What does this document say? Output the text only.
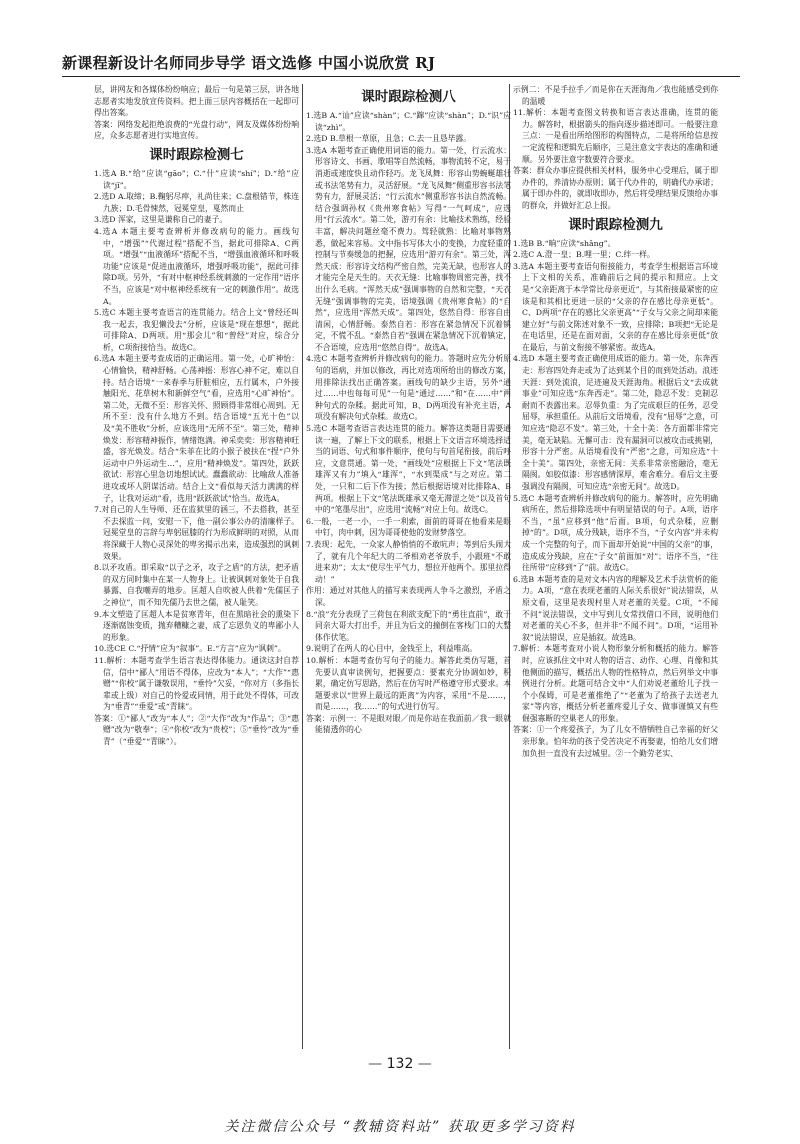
新课程新设计名师同步导学 语文选修 中国小说欣赏 RJ

层，讲网友和各媒体纷纷响应；最后一句是第三层，讲各地志愿者实地发放宣传资料。把上面三层内容概括在一起即可得出答案。

答案：网络发起拒绝浪费的“光盘行动”，网友及媒体纷纷响应，众多志愿者进行实地宣传。

课时跟踪检测七

1.选A B.“给”应读“gāo”；C.“什”应读“shí”；D.“给”应读“jǐ”。

2.选D A.取缔；B.鞠躬尽瘁，礼尚往来；C.盘根错节，株连九族；D.毛骨悚然，冠冕堂皇，戛然而止

3.选D 浑家，这里是谦称自己的妻子。

4.选A 本题主要考查辨析并修改病句的能力。画线句中，“增强”“代谢过程”搭配不当，据此可排除A、C两项。“增强”“血液循环”搭配不当，“增强血液循环和呼吸功能”应该是“促进血液循环，增强呼吸功能”，据此可排除D项。另外，“有对中枢神经系统刺激的一定作用”语序不当，应该是“对中枢神经系统有一定的刺激作用”。故选A。

5.选C 本题主要考查语言的连贯能力。结合上文“曾经还叫我一起去，我犯懒没去”分析，应该是“现在想想”，据此可排除A、D两项。用“那会儿”和“曾经”对应，综合分析，C项衔接恰当。故选C。

6.选A 本题主要考查成语的正确运用。第一处，心旷神怡：心情愉快，精神舒畅。心荡神摇：形容心神不定，难以自持。结合语境“一来春季与肝脏相应，五行属木，户外接触阳光、花草树木和新鲜空气”看，应选用“心旷神怡”。第二处，无微不至：形容关怀、照顾得非常细心周到。无所不至：没有什么地方不到。结合语境“五光十色”以及“美不胜收”分析，应该选用“无所不至”。第三处，精神焕发：形容精神振作，情绪饱满。神采奕奕：形容精神旺盛，容光焕发。结合“朱菲在比的小猴子被扶在“捏“户外运动中户外运动生…”，应用“精神焕发”。第四处，跃跃欲试：形容心里急切地想试试。蠢蠢欲动：比喻敌人准备进攻或坏人阴谋活动。结合上文“看似每天活力满满的样子，让我对运动”看，选用“跃跃欲试”恰当。故选A。

7.对自己的人生导师、还在监狱里的涵三，不去搭救，甚至不去探监一问，安慰一下，他一副公事公办的清廉样子。冠冕堂皇的言辞与卑躬屈膝的行为形成鲜明的对照，从而将深藏于人物心灵深处的卑劣揭示出来，造成强烈的讽刺效果。

8.以矛攻盾。即采取“以子之矛，攻子之盾”的方法，把矛盾的双方同时集中在某一人物身上。让被讽刺对象处于自我暴露、自我嘲弄的地步。匡超人自吹被人供着“先儒匡子之神位”，而不知先儒乃去世之儒，被人耻笑。

9.本文塑造了匡超人本是贫寒青年，但在黑暗社会的熏染下逐渐腐蚀变质，抛弃糟糠之妻，成了忘恩负义的卑鄙小人的形象。

10.选CE C.“抒情”应为“叙事”。E.“方言”应为“讽刺”。

11.解析：本题考查学生语言表达得体能力。通读这封自荐信，信中“鄙人”用语不得体，应改为“本人”；“大作”“惠赠”“你校”属于谦敬误用，“垂怜”欠妥，“你对方（多指长辈或上级）对自己的怜爱或同情，用于此处不得体，可改为“垂青”“垂爱”或“青睐”。

答案：①“鄙人”改为“本人”；②“大作”改为“作品”；③“惠赠”改为“敬奉”；④“你校”改为“贵校”；⑤“垂怜”改为“垂青”（“垂爱”“青睐”）。

课时跟踪检测八

1.选B A.“讪”应读“shàn”；C.“蹿”应读“shàn”；D.“识”应读“zhì”。

2.选D B.草根一草原，且急；C.去一且恳毕露。

3.选A 本题考查正确使用词语的能力。第一处，行云流水：形容诗文、书画、歌唱等自然流畅，事物流转不定，易于消逝或速度快且动作轻巧。龙飞凤舞：形容山势蜿蜒雄壮或书法笔势有力，灵活舒展。“龙飞凤舞”侧重形容书法笔势有力，舒展灵活；“行云流水”侧重形容书法自然流畅。结合强调孙权《贵州寒食帖》写得“一气呵成”，应选用“行云流水”。第二处，游刃有余：比喻技术熟练，经验丰富，解决问题丝毫不费力。驾轻就熟：比喻对事物熟悉，做起来容易。文中指书写体大小的变换，力度轻重的控制与节奏缓急的把握，应选用“游刃有余”。第三处，浑然天成：形容诗文结构严密自然，完美无缺，也形容人的才能完全是天生的。天衣无缝：比喻事物周密完善，找不出什么毛病。“浑然天成”强调事物的自然和完整，“天衣无缝”强调事物的完美，语境强调《贵州寒食帖》的“自然”，应选用“浑然天成”。第四处，悠然自得：形容自由清闲，心情舒畅。泰然自若：形容在紧急情况下沉着镇定，不慌不乱。“泰然自若”强调在紧急情况下沉着镇定，不合语境，应选用“悠然自得”。故选A。

4.选C 本题考查辨析并修改病句的能力。答题时应先分析原句的语病，并加以修改，再比对选项所给出的修改方案，用排除法找出正确答案。画线句的缺少主语，另外“通过……中也每每可见”一句是“通过……”和“在……中”两种句式的杂糅。据此可知，B、D两项没有补充主语，A项没有解决句式杂糅。故选C。

5.选C 本题考查语言表达连贯的能力。解答这类题目需要通读一遍，了解上下文的联系，根据上下文语言环境选择适当的词语、句式和事件顺序，使句与句首尾衔接，前后呼应，文意贯通。第一处，“画线处”应根据上下文“笔法既雄浑又有力”填入“雄浑”，“水到渠成”与之对应。第二处，一只和二后下作为接；然后根据语境对比排除A、B两项。根据上下文“笔法既雄承又毫无滞涩之处”以及首句中的“笔墨尽出”，应选用“流畅”对应上句。故选C。

6.一般，一老一小，一手一利索，面前的哥哥在他看来是眼中钉，肉中刺，因为哥哥使他的发财梦落空。

7.表现：起先，一众家人静悄悄的不敢吭声；等到后头闹大了，就有几个年纪大的二爷相劝老爷放手，小跟班“不敢进来劝”；太太“使尽生平气力，想拉开他两个。那里拉得动！”

作用：通过对其他人的描写来表现两人争斗之激烈，矛盾之深。

8.“浪”充分表现了三荷包在利欲支配下的“勇往直前”，敢于同亲大哥大打出手，并且为后文的撞倒在客栈门口的大整体作伏笔。

9.说明了在两人的心目中，金钱至上，利益唯高。

10.解析：本题考查仿写句子的能力。解答此类仿写题，首先要认真审读例句，把握要点：要素充分协调如妙，积累，确定仿写思路，然后在仿写时严格遵守形式要求。本题要求以“世界上最远的距离”为内容，采用“不是……，而是……，我……”的句式进行仿写。

答案：示例一：不是眼对眼／而是你站在我面前／我一眼就能猜透你的心

示例二：不是手拉手／而是你在天涯海角／我也能感受到你的温暖

11.解析：本题考查图文转换和语言表达准确，连贯的能力。解答时，根据箭头的指向逐步描述即可。一般要注意三点：一是看出所给图形的构图特点，二是将所给信息按一定流程和逻辑先后顺序，三是注意文字表达的准确和通顺。另外要注意字数要符合要求。

答案：群众办事应提供相关材料，服务中心受理后，属于即办件的，养清协办原则；属于代办件的，明确代办承诺；属于即办件的，就即收即办，然后将受理结果反馈给办事的群众，并做好汇总上报。

课时跟踪检测九

1.选B B.“晌”应读“shǎng”。

2.选C A.澄一皇；B.哩一里；C.绊一样。

3.选A 本题主要考查语句衔接能力，考查学生根据语言环境上下文相的关系，准确前后之间的提示和照应。上文是“父亲距离于本学常比母亲更近”，与其衔接最紧密的应该是和其相比更进一层的“父亲的存在感比母亲更低”。C、D两项“存在的感比父亲更高”“子女与父亲之间却来能建立好”与前文陈述对象不一致，应排除；B项把“无论是在电话里，还是在面对面，父亲的存在感比母亲更低”放在最后，与前文衔接不够紧密。故选A。

4.选D 本题主要考查正确使用成语的能力。第一处，东奔西走：形容四处奔走或为了达到某个目的而到处活动。浪迹天涯：到处流浪，足迹遍及天涯海角。根据后文“去成就事业”可知应选“东奔西走”。第二处，隐忍不发：克制忍耐而不表露出来。忍辱负重：为了完成艰巨的任务，忍受屈辱，承担重任。从前后文语境看，没有“屈辱”之意，可知应选“隐忍不发”。第三处，十全十美：各方面都非常完美，毫无缺陷。无懈可击：没有漏洞可以被攻击或挑剔，形容十分严密。从语境看没有“严密”之意，可知应选“十全十美”。第四处，亲密无间：关系非常亲密融洽，毫无隔阂。如胶似漆：形容感情深厚，难舍难分。看后文主要强调没有隔阂，可知应选“亲密无间”。故选D。

5.选C 本题考查辨析并修改病句的能力。解答时，应先明确病所在，然后排除选项中有明显错误的句子。A项，语序不当，“虽”应移到“他”后面。B项，句式杂糅，应删掉“的”。D项，成分残缺，语序不当，“子女内容”并未构成一个完整的句子，而下面却开始说“中国的父亲”的事，造成成分残缺，应在“子女”前面加“对”；语序不当，“往往所带”应移到“了”前。故选C。

6.选B 本题考查的是对文本内容的理解及艺术手法赏析的能力。A项，“意在表现老董的人际关系很好”说法错误，从原文看，这里是表现村里人对老董的关爱。C项，“不闻不问”说法错误，文中写到儿女常找借口不回，说明他们对老董的关心不多，但并非“不闻不问”。D项，“运用补叙”说法错误，应是插叙。故选B。

7.解析：本题考查对小说人物形象分析和概括的能力。解答时，应该抓住文中对人物的语言、动作、心理、肖像和其他侧面的描写，概括出人物的性格特点，然后列举文中事例进行分析。此题可结合文中“人们劝说老董给儿子找一个小保姆，可是老董推绝了”“老董为了给孩子去送老九家”等内容，概括分析老董疼爱儿子女、做事谨慎又有些倔强寡断的空巢老人的形象。

答案：①一个疼爱孩子，为了儿女不惜牺牲自己幸福的好父亲形象。怕年幼的孩子受苦决定不再娶妻，怕给儿女们增加负担一直没有去过城里。②一个勤劳老实、

— 132 —
关注微信公众号 “教辅资料站” 获取更多学习资料
